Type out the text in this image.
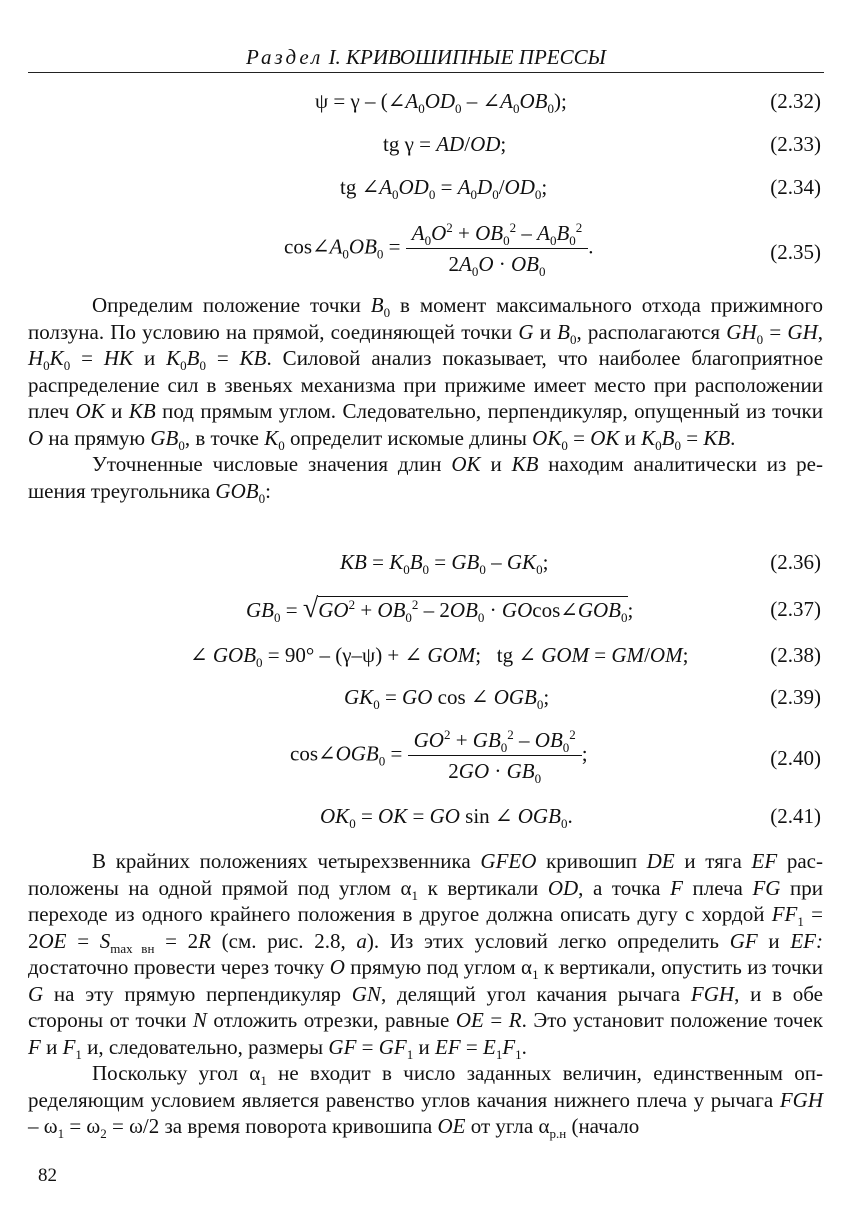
Раздел I. КРИВОШИПНЫЕ ПРЕССЫ
$\psi = \gamma - (\angle A_0OD_0$ – $\angle A_0OB_0$);	(2.32)
tg γ = AD/OD;	(2.33)
tg $\angle A_0OD_0 = A_0D_0/OD_0$;	(2.34)
$\cos\angle A_0OB_0 = \frac{A_0O^2 + OB_0^2 - A_0B_0^2}{2A_0O \cdot OB_0}$ .	(2.35)

Определим положение точки $B_0$ в момент максимального отхода прижимного ползуна. По условию на прямой, соединяющей точки G и $B_0$, располагаются $GH_0$ = GH, $H_0K_0$ = HK и $K_0B_0$ = KB. Силовой анализ показывает, что наиболее благоприятное распределение сил в звеньях механизма при прижиме имеет место при расположении плеч OK и KB под прямым углом. Следовательно, перпендикуляр, опущенный из точки O на прямую $GB_0$, в точке $K_0$ определит искомые длины $OK_0$ = OK и $K_0B_0$ = KB.

Уточненные числовые значения длин OK и KB находим аналитически из решения треугольника $GOB_0$:

KB = $K_0B_0 = GB_0 - GK_0$;	(2.36)
$GB_0 = √GO^2 + OB_0^2 - 2OB_0$ · $GOcos\angle GOB_0$;	(2.37)
∠ $GOB_0 = 90^\circ - (\gamma-\psi)$ + ∠ GOM;   tg ∠ GOM = GM/OM;	(2.38)
$GK_0$ = GO cos ∠ $OGB_0$;	(2.39)
$\cos\angle OGB_0 = \frac{GO^2 + GB_0^2 - OB_0^2}{2GO \cdot GB_0}$ ;	(2.40)
$OK_0$ = OK = GO sin ∠ $OGB_0$.	(2.41)

В крайних положениях четырехзвенника GFEO кривошип DE и тяга EF расположены на одной прямой под углом $\alpha_1$ к вертикали OD, а точка F плеча FG при переходе из одного крайнего положения в другое должна описать дугу с хордой $FF_1 = 2OE = S_{max вн} = 2R$ (см. рис. 2.8, а). Из этих условий легко определить GF и EF: достаточно провести через точку O прямую под углом $\alpha_1$ к вертикали, опустить из точки G на эту прямую перпендикуляр GN, делящий угол качания рычага FGH, и в обе стороны от точки N отложить отрезки, равные OE = R. Это установит положение точек F и $F_1$ и, следовательно, размеры GF = $GF_1$ и EF = $E_1F_1$.

Поскольку угол $\alpha_1$ не входит в число заданных величин, единственным определяющим условием является равенство углов качания нижнего плеча у рычага FGH – $\omega_1 = \omega_2 = \omega/2$ за время поворота кривошипа OE от угла $\alpha_{р.н}$ (начало

82
